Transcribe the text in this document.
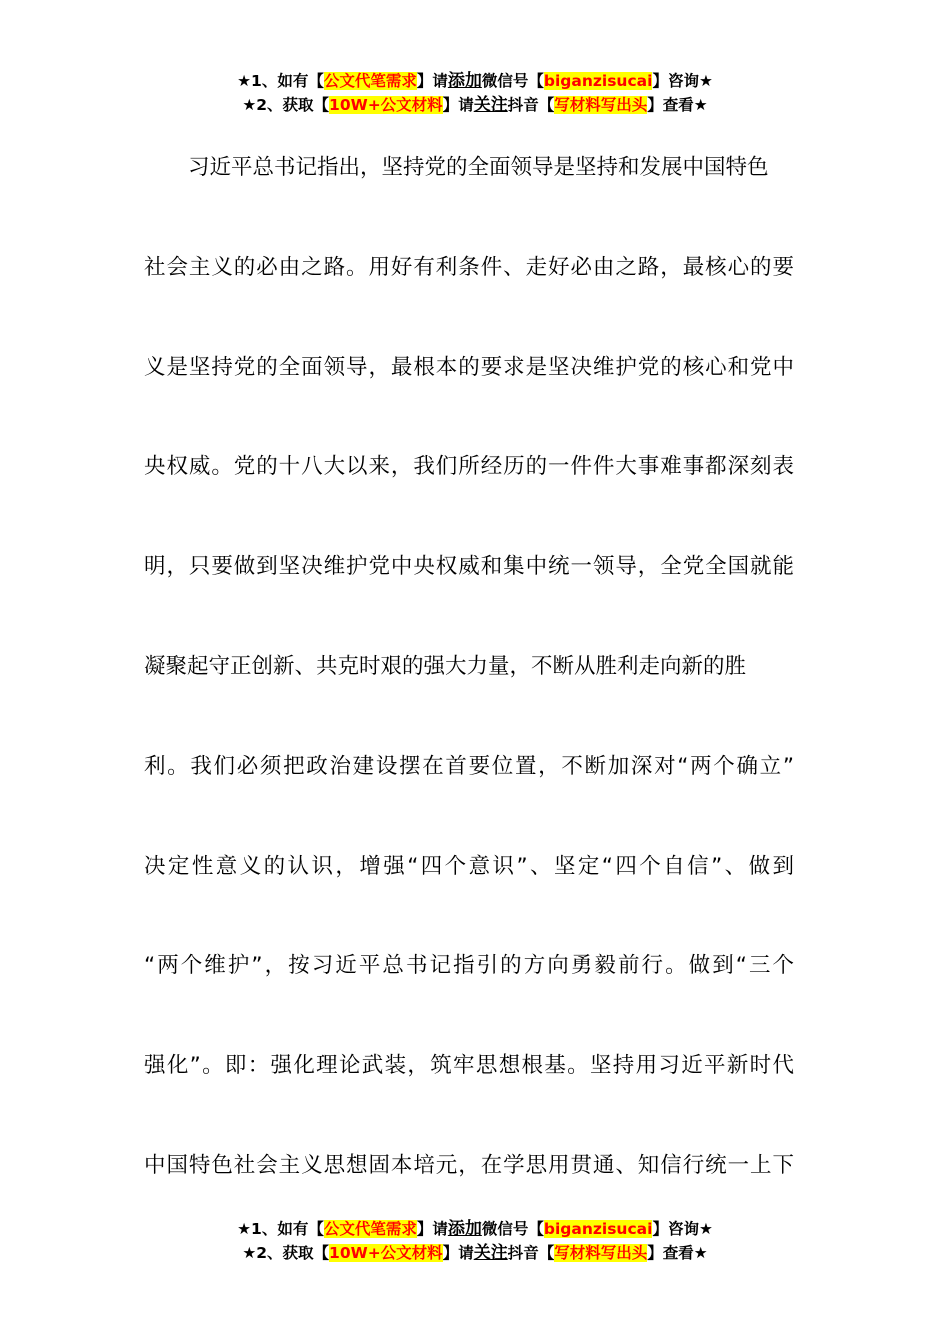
★1、如有【公文代笔需求】请添加微信号【biganzisucai】咨询★
★2、获取【10W+公文材料】请关注抖音【写材料写出头】查看★
习近平总书记指出，坚持党的全面领导是坚持和发展中国特色
社会主义的必由之路。用好有利条件、走好必由之路，最核心的要
义是坚持党的全面领导，最根本的要求是坚决维护党的核心和党中
央权威。党的十八大以来，我们所经历的一件件大事难事都深刻表
明，只要做到坚决维护党中央权威和集中统一领导，全党全国就能
凝聚起守正创新、共克时艰的强大力量，不断从胜利走向新的胜
利。我们必须把政治建设摆在首要位置，不断加深对“两个确立”
决定性意义的认识，增强“四个意识”、坚定“四个自信”、做到
“两个维护”，按习近平总书记指引的方向勇毅前行。做到“三个
强化”。即：强化理论武装，筑牢思想根基。坚持用习近平新时代
中国特色社会主义思想固本培元，在学思用贯通、知信行统一上下
★1、如有【公文代笔需求】请添加微信号【biganzisucai】咨询★
★2、获取【10W+公文材料】请关注抖音【写材料写出头】查看★
